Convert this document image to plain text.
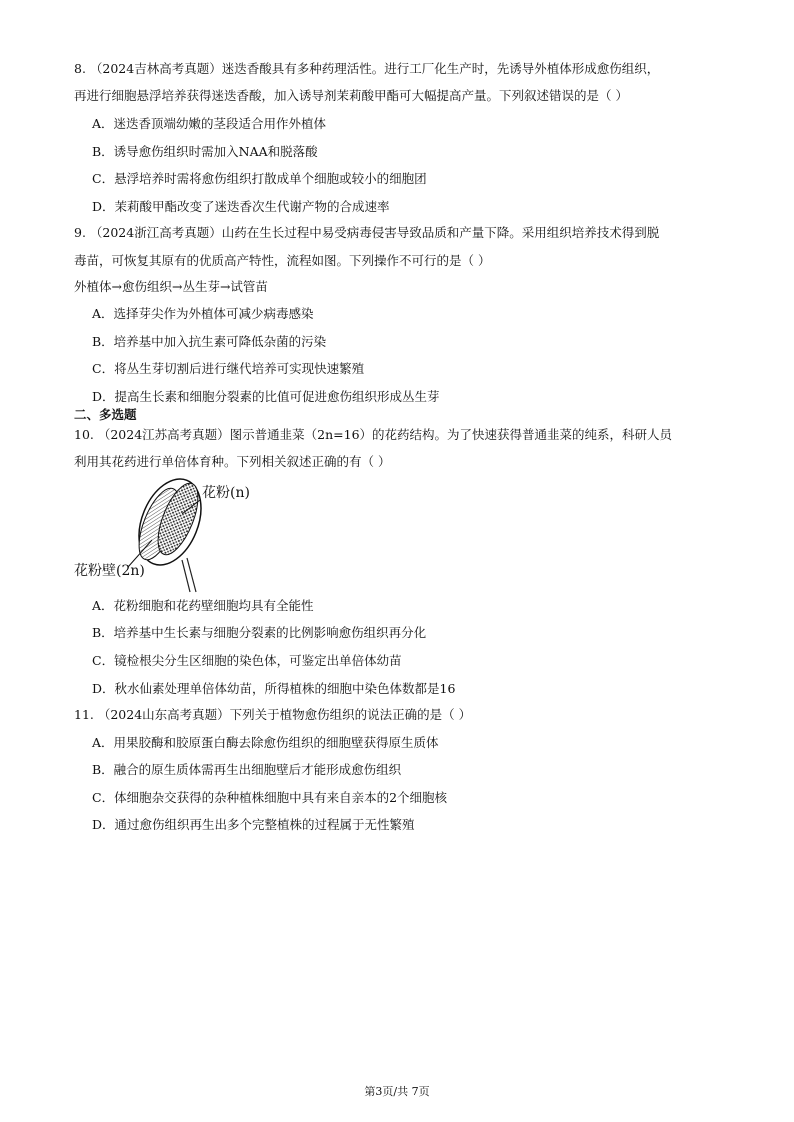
8. （2024吉林高考真题）迷迭香酸具有多种药理活性。进行工厂化生产时，先诱导外植体形成愈伤组织，
再进行细胞悬浮培养获得迷迭香酸，加入诱导剂茉莉酸甲酯可大幅提高产量。下列叙述错误的是（ ）
A．迷迭香顶端幼嫩的茎段适合用作外植体
B．诱导愈伤组织时需加入NAA和脱落酸
C．悬浮培养时需将愈伤组织打散成单个细胞或较小的细胞团
D．茉莉酸甲酯改变了迷迭香次生代谢产物的合成速率
9. （2024浙江高考真题）山药在生长过程中易受病毒侵害导致品质和产量下降。采用组织培养技术得到脱
毒苗，可恢复其原有的优质高产特性，流程如图。下列操作不可行的是（ ）
外植体→愈伤组织→丛生芽→试管苗
A．选择芽尖作为外植体可减少病毒感染
B．培养基中加入抗生素可降低杂菌的污染
C．将丛生芽切割后进行继代培养可实现快速繁殖
D．提高生长素和细胞分裂素的比值可促进愈伤组织形成丛生芽
二、多选题
10. （2024江苏高考真题）图示普通韭菜（2n=16）的花药结构。为了快速获得普通韭菜的纯系，科研人员
利用其花药进行单倍体育种。下列相关叙述正确的有（ ）
花粉(n)
花粉壁(2n)
A．花粉细胞和花药壁细胞均具有全能性
B．培养基中生长素与细胞分裂素的比例影响愈伤组织再分化
C．镜检根尖分生区细胞的染色体，可鉴定出单倍体幼苗
D．秋水仙素处理单倍体幼苗，所得植株的细胞中染色体数都是16
11. （2024山东高考真题）下列关于植物愈伤组织的说法正确的是（ ）
A．用果胶酶和胶原蛋白酶去除愈伤组织的细胞壁获得原生质体
B．融合的原生质体需再生出细胞壁后才能形成愈伤组织
C．体细胞杂交获得的杂种植株细胞中具有来自亲本的2个细胞核
D．通过愈伤组织再生出多个完整植株的过程属于无性繁殖
第3页/共 7页
